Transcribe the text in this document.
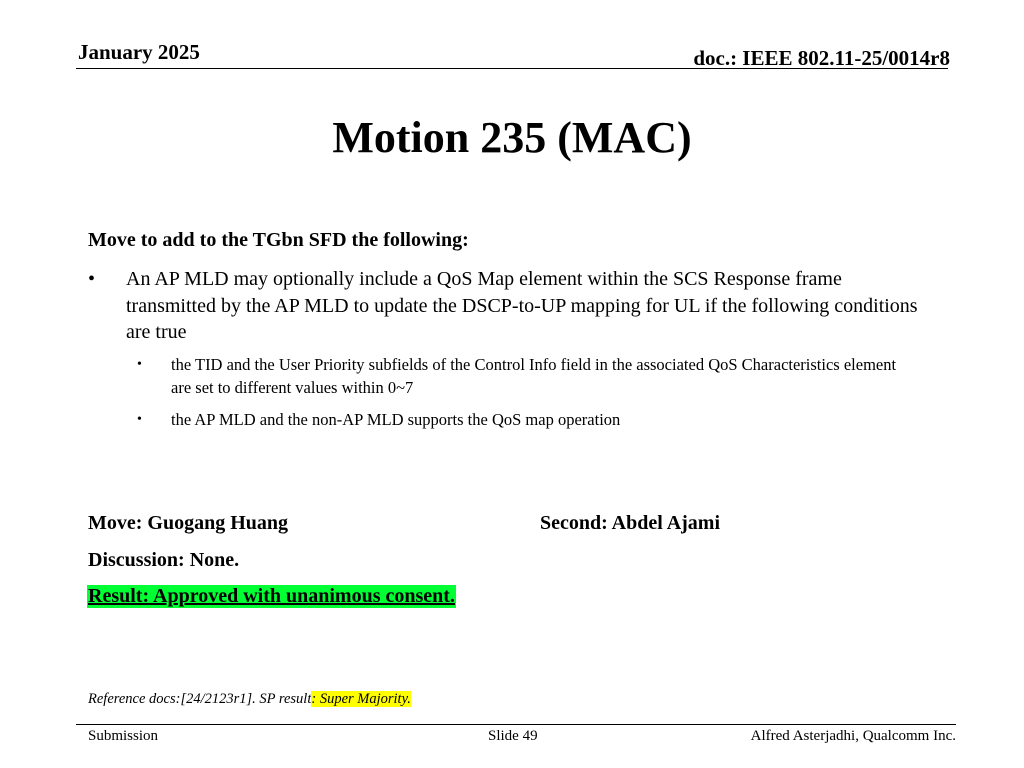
January 2025	doc.: IEEE 802.11-25/0014r8
Motion 235 (MAC)
Move to add to the TGbn SFD the following:
• An AP MLD may optionally include a QoS Map element within the SCS Response frame transmitted by the AP MLD to update the DSCP-to-UP mapping for UL if the following conditions are true
• the TID and the User Priority subfields of the Control Info field in the associated QoS Characteristics element are set to different values within 0~7
• the AP MLD and the non-AP MLD supports the QoS map operation
Move: Guogang Huang	Second: Abdel Ajami
Discussion: None.
Result: Approved with unanimous consent.
Reference docs:[24/2123r1]. SP result: Super Majority.
Submission	Slide 49	Alfred Asterjadhi, Qualcomm Inc.
